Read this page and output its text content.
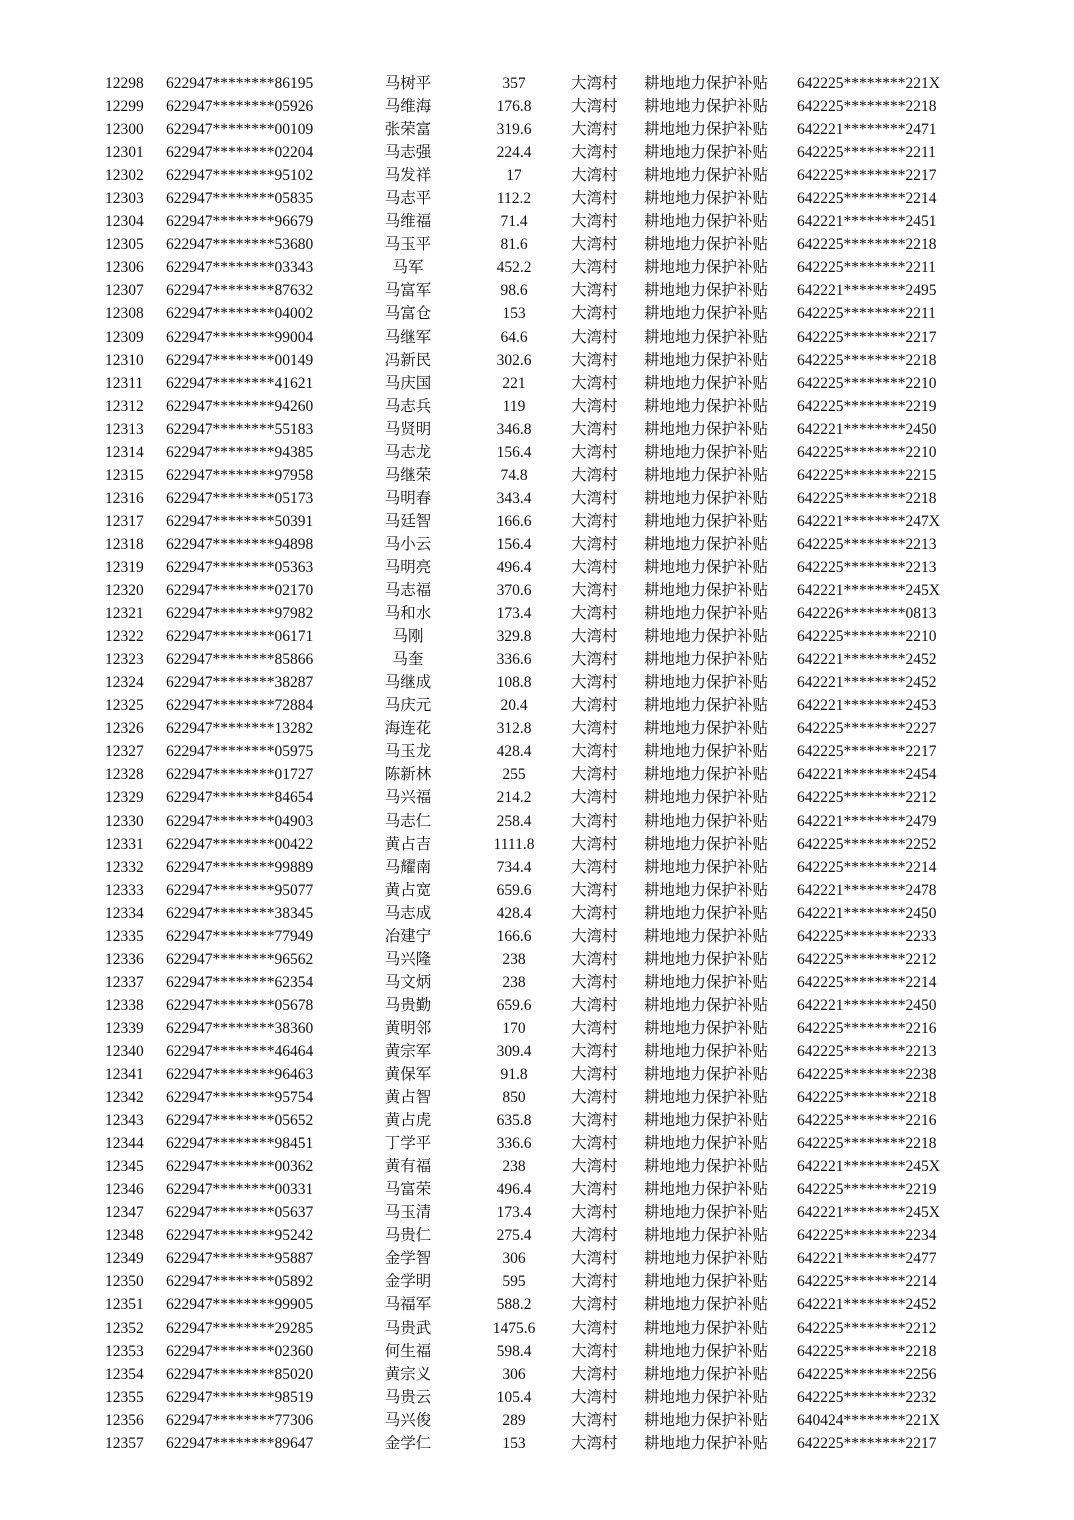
12298	622947********86195	马树平	357	大湾村	耕地地力保护补贴	642225********221X
12299	622947********05926	马维海	176.8	大湾村	耕地地力保护补贴	642225********2218
12300	622947********00109	张荣富	319.6	大湾村	耕地地力保护补贴	642221********2471
12301	622947********02204	马志强	224.4	大湾村	耕地地力保护补贴	642225********2211
12302	622947********95102	马发祥	17	大湾村	耕地地力保护补贴	642225********2217
12303	622947********05835	马志平	112.2	大湾村	耕地地力保护补贴	642225********2214
12304	622947********96679	马维福	71.4	大湾村	耕地地力保护补贴	642221********2451
12305	622947********53680	马玉平	81.6	大湾村	耕地地力保护补贴	642225********2218
12306	622947********03343	马军	452.2	大湾村	耕地地力保护补贴	642225********2211
12307	622947********87632	马富军	98.6	大湾村	耕地地力保护补贴	642221********2495
12308	622947********04002	马富仓	153	大湾村	耕地地力保护补贴	642225********2211
12309	622947********99004	马继军	64.6	大湾村	耕地地力保护补贴	642225********2217
12310	622947********00149	冯新民	302.6	大湾村	耕地地力保护补贴	642225********2218
12311	622947********41621	马庆国	221	大湾村	耕地地力保护补贴	642225********2210
12312	622947********94260	马志兵	119	大湾村	耕地地力保护补贴	642225********2219
12313	622947********55183	马贤明	346.8	大湾村	耕地地力保护补贴	642221********2450
12314	622947********94385	马志龙	156.4	大湾村	耕地地力保护补贴	642225********2210
12315	622947********97958	马继荣	74.8	大湾村	耕地地力保护补贴	642225********2215
12316	622947********05173	马明春	343.4	大湾村	耕地地力保护补贴	642225********2218
12317	622947********50391	马廷智	166.6	大湾村	耕地地力保护补贴	642221********247X
12318	622947********94898	马小云	156.4	大湾村	耕地地力保护补贴	642225********2213
12319	622947********05363	马明亮	496.4	大湾村	耕地地力保护补贴	642225********2213
12320	622947********02170	马志福	370.6	大湾村	耕地地力保护补贴	642221********245X
12321	622947********97982	马和水	173.4	大湾村	耕地地力保护补贴	642226********0813
12322	622947********06171	马刚	329.8	大湾村	耕地地力保护补贴	642225********2210
12323	622947********85866	马奎	336.6	大湾村	耕地地力保护补贴	642221********2452
12324	622947********38287	马继成	108.8	大湾村	耕地地力保护补贴	642221********2452
12325	622947********72884	马庆元	20.4	大湾村	耕地地力保护补贴	642221********2453
12326	622947********13282	海连花	312.8	大湾村	耕地地力保护补贴	642225********2227
12327	622947********05975	马玉龙	428.4	大湾村	耕地地力保护补贴	642225********2217
12328	622947********01727	陈新林	255	大湾村	耕地地力保护补贴	642221********2454
12329	622947********84654	马兴福	214.2	大湾村	耕地地力保护补贴	642225********2212
12330	622947********04903	马志仁	258.4	大湾村	耕地地力保护补贴	642221********2479
12331	622947********00422	黄占吉	1111.8	大湾村	耕地地力保护补贴	642225********2252
12332	622947********99889	马耀南	734.4	大湾村	耕地地力保护补贴	642225********2214
12333	622947********95077	黄占宽	659.6	大湾村	耕地地力保护补贴	642221********2478
12334	622947********38345	马志成	428.4	大湾村	耕地地力保护补贴	642221********2450
12335	622947********77949	冶建宁	166.6	大湾村	耕地地力保护补贴	642225********2233
12336	622947********96562	马兴隆	238	大湾村	耕地地力保护补贴	642225********2212
12337	622947********62354	马文炳	238	大湾村	耕地地力保护补贴	642225********2214
12338	622947********05678	马贵勤	659.6	大湾村	耕地地力保护补贴	642221********2450
12339	622947********38360	黄明邻	170	大湾村	耕地地力保护补贴	642225********2216
12340	622947********46464	黄宗军	309.4	大湾村	耕地地力保护补贴	642225********2213
12341	622947********96463	黄保军	91.8	大湾村	耕地地力保护补贴	642225********2238
12342	622947********95754	黄占智	850	大湾村	耕地地力保护补贴	642225********2218
12343	622947********05652	黄占虎	635.8	大湾村	耕地地力保护补贴	642225********2216
12344	622947********98451	丁学平	336.6	大湾村	耕地地力保护补贴	642225********2218
12345	622947********00362	黄有福	238	大湾村	耕地地力保护补贴	642221********245X
12346	622947********00331	马富荣	496.4	大湾村	耕地地力保护补贴	642225********2219
12347	622947********05637	马玉清	173.4	大湾村	耕地地力保护补贴	642221********245X
12348	622947********95242	马贵仁	275.4	大湾村	耕地地力保护补贴	642225********2234
12349	622947********95887	金学智	306	大湾村	耕地地力保护补贴	642221********2477
12350	622947********05892	金学明	595	大湾村	耕地地力保护补贴	642225********2214
12351	622947********99905	马福军	588.2	大湾村	耕地地力保护补贴	642221********2452
12352	622947********29285	马贵武	1475.6	大湾村	耕地地力保护补贴	642225********2212
12353	622947********02360	何生福	598.4	大湾村	耕地地力保护补贴	642225********2218
12354	622947********85020	黄宗义	306	大湾村	耕地地力保护补贴	642225********2256
12355	622947********98519	马贵云	105.4	大湾村	耕地地力保护补贴	642225********2232
12356	622947********77306	马兴俊	289	大湾村	耕地地力保护补贴	640424********221X
12357	622947********89647	金学仁	153	大湾村	耕地地力保护补贴	642225********2217
